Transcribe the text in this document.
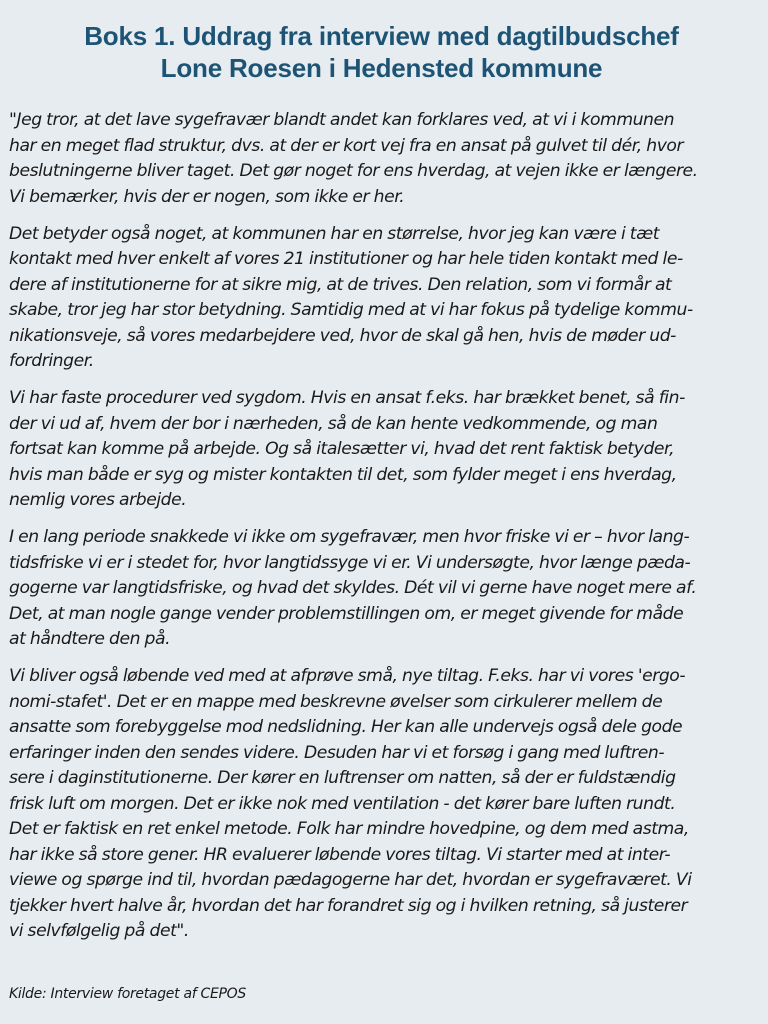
Boks 1. Uddrag fra interview med dagtilbudschef
Lone Roesen i Hedensted kommune

"Jeg tror, at det lave sygefravær blandt andet kan forklares ved, at vi i kommunen
har en meget flad struktur, dvs. at der er kort vej fra en ansat på gulvet til dér, hvor
beslutningerne bliver taget. Det gør noget for ens hverdag, at vejen ikke er længere.
Vi bemærker, hvis der er nogen, som ikke er her.

Det betyder også noget, at kommunen har en størrelse, hvor jeg kan være i tæt
kontakt med hver enkelt af vores 21 institutioner og har hele tiden kontakt med le-
dere af institutionerne for at sikre mig, at de trives. Den relation, som vi formår at
skabe, tror jeg har stor betydning. Samtidig med at vi har fokus på tydelige kommu-
nikationsveje, så vores medarbejdere ved, hvor de skal gå hen, hvis de møder ud-
fordringer.

Vi har faste procedurer ved sygdom. Hvis en ansat f.eks. har brækket benet, så fin-
der vi ud af, hvem der bor i nærheden, så de kan hente vedkommende, og man
fortsat kan komme på arbejde. Og så italesætter vi, hvad det rent faktisk betyder,
hvis man både er syg og mister kontakten til det, som fylder meget i ens hverdag,
nemlig vores arbejde.

I en lang periode snakkede vi ikke om sygefravær, men hvor friske vi er – hvor lang-
tidsfriske vi er i stedet for, hvor langtidssyge vi er. Vi undersøgte, hvor længe pæda-
gogerne var langtidsfriske, og hvad det skyldes. Dét vil vi gerne have noget mere af.
Det, at man nogle gange vender problemstillingen om, er meget givende for måde
at håndtere den på.

Vi bliver også løbende ved med at afprøve små, nye tiltag. F.eks. har vi vores 'ergo-
nomi-stafet'. Det er en mappe med beskrevne øvelser som cirkulerer mellem de
ansatte som forebyggelse mod nedslidning. Her kan alle undervejs også dele gode
erfaringer inden den sendes videre. Desuden har vi et forsøg i gang med luftren-
sere i daginstitutionerne. Der kører en luftrenser om natten, så der er fuldstændig
frisk luft om morgen. Det er ikke nok med ventilation - det kører bare luften rundt.
Det er faktisk en ret enkel metode. Folk har mindre hovedpine, og dem med astma,
har ikke så store gener. HR evaluerer løbende vores tiltag. Vi starter med at inter-
viewe og spørge ind til, hvordan pædagogerne har det, hvordan er sygefraværet. Vi
tjekker hvert halve år, hvordan det har forandret sig og i hvilken retning, så justerer
vi selvfølgelig på det".

Kilde: Interview foretaget af CEPOS
